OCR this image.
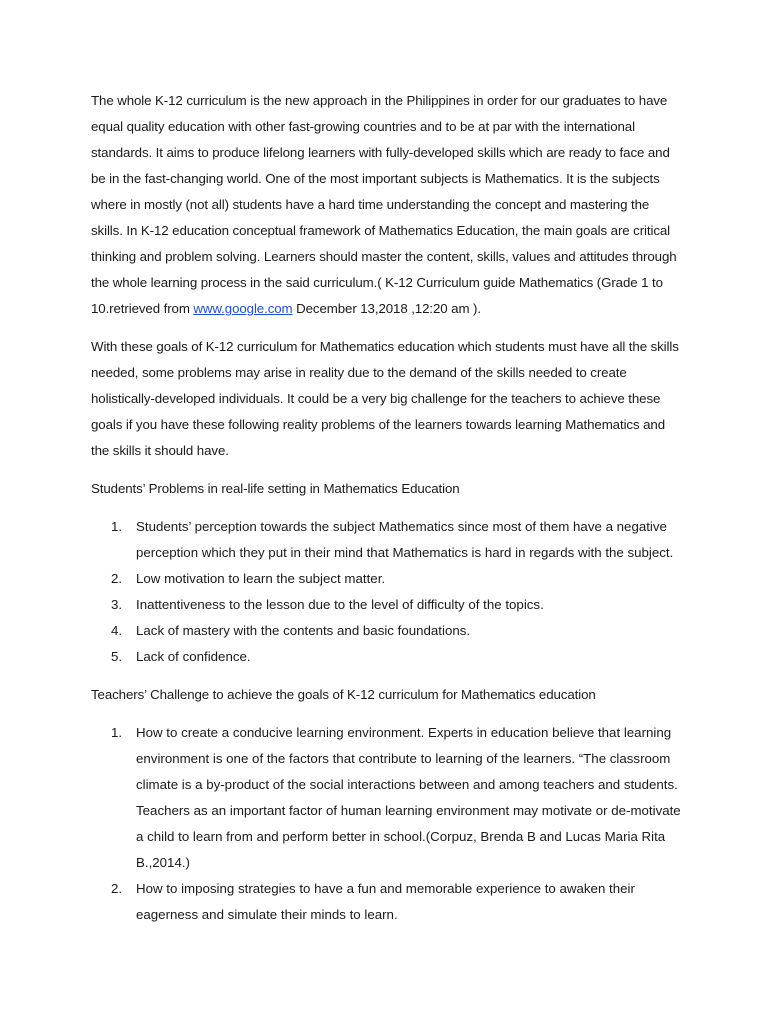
The whole K-12 curriculum is the new approach in the Philippines in order for our graduates to have equal quality education with other fast-growing countries and to be at par with the international standards. It aims to produce lifelong learners with fully-developed skills which are ready to face and be in the fast-changing world. One of the most important subjects is Mathematics. It is the subjects where in mostly (not all) students have a hard time understanding the concept and mastering the skills. In K-12 education conceptual framework of Mathematics Education, the main goals are critical thinking and problem solving. Learners should master the content, skills, values and attitudes through the whole learning process in the said curriculum.( K-12 Curriculum guide Mathematics (Grade 1 to 10.retrieved from www.google.com December 13,2018 ,12:20 am ).

With these goals of K-12 curriculum for Mathematics education which students must have all the skills needed, some problems may arise in reality due to the demand of the skills needed to create holistically-developed individuals. It could be a very big challenge for the teachers to achieve these goals if you have these following reality problems of the learners towards learning Mathematics and the skills it should have.

Students’ Problems in real-life setting in Mathematics Education

1. Students’ perception towards the subject Mathematics since most of them have a negative perception which they put in their mind that Mathematics is hard in regards with the subject.
2. Low motivation to learn the subject matter.
3. Inattentiveness to the lesson due to the level of difficulty of the topics.
4. Lack of mastery with the contents and basic foundations.
5. Lack of confidence.

Teachers’ Challenge to achieve the goals of K-12 curriculum for Mathematics education

1. How to create a conducive learning environment. Experts in education believe that learning environment is one of the factors that contribute to learning of the learners. “The classroom climate is a by-product of the social interactions between and among teachers and students. Teachers as an important factor of human learning environment may motivate or de-motivate a child to learn from and perform better in school.(Corpuz, Brenda B and Lucas Maria Rita B.,2014.)
2. How to imposing strategies to have a fun and memorable experience to awaken their eagerness and simulate their minds to learn.
